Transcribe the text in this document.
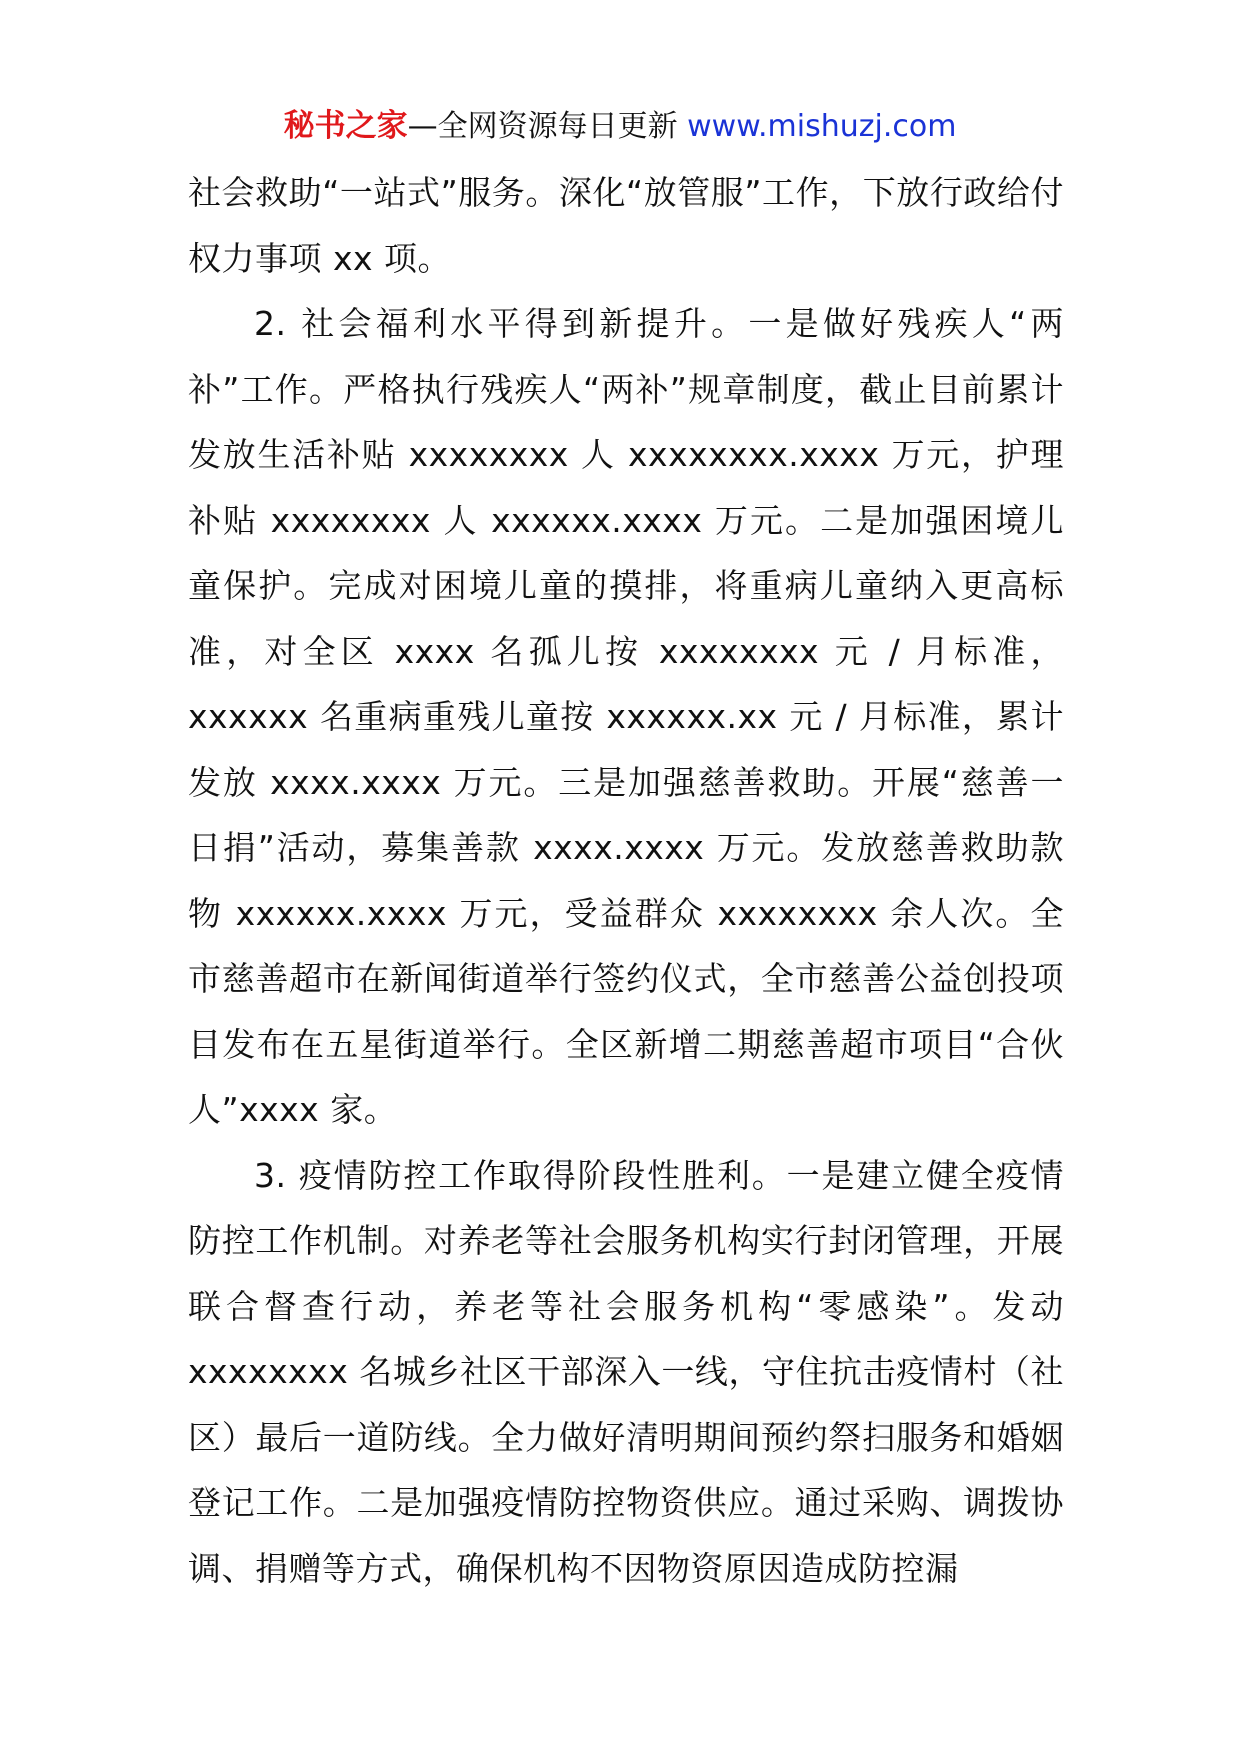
秘书之家—全网资源每日更新 www.mishuzj.com

社会救助“一站式”服务。深化“放管服”工作，下放行政给付权力事项 xx 项。

2. 社会福利水平得到新提升。一是做好残疾人“两补”工作。严格执行残疾人“两补”规章制度，截止目前累计发放生活补贴 xxxxxxxx 人 xxxxxxxx.xxxx 万元，护理补贴 xxxxxxxx 人 xxxxxx.xxxx 万元。二是加强困境儿童保护。完成对困境儿童的摸排，将重病儿童纳入更高标准，对全区 xxxx 名孤儿按 xxxxxxxx 元 / 月标准，xxxxxx 名重病重残儿童按 xxxxxx.xx 元 / 月标准，累计发放 xxxx.xxxx 万元。三是加强慈善救助。开展“慈善一日捐”活动，募集善款 xxxx.xxxx 万元。发放慈善救助款物 xxxxxx.xxxx 万元，受益群众 xxxxxxxx 余人次。全市慈善超市在新闻街道举行签约仪式，全市慈善公益创投项目发布在五星街道举行。全区新增二期慈善超市项目“合伙人”xxxx 家。

3. 疫情防控工作取得阶段性胜利。一是建立健全疫情防控工作机制。对养老等社会服务机构实行封闭管理，开展联合督查行动，养老等社会服务机构“零感染”。发动 xxxxxxxx 名城乡社区干部深入一线，守住抗击疫情村（社区）最后一道防线。全力做好清明期间预约祭扫服务和婚姻登记工作。二是加强疫情防控物资供应。通过采购、调拨协调、捐赠等方式，确保机构不因物资原因造成防控漏
